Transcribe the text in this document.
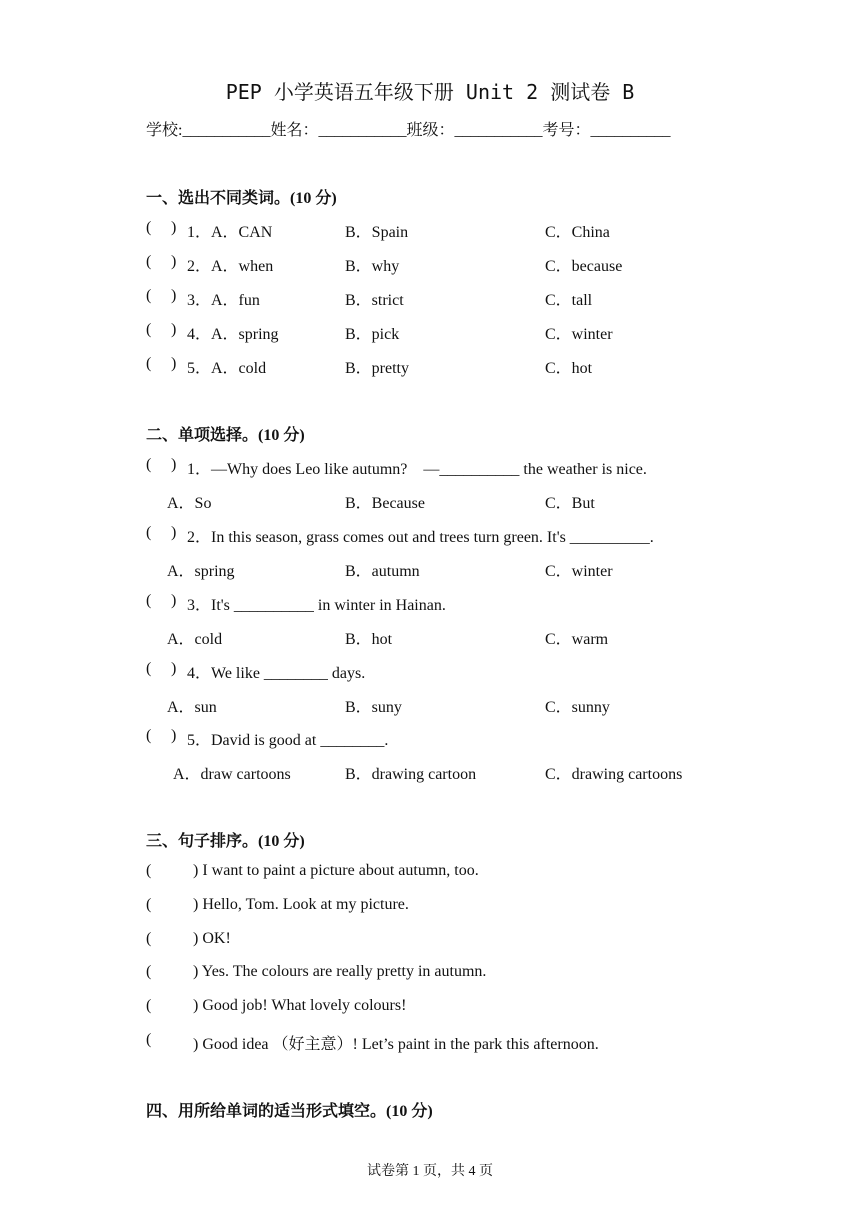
PEP 小学英语五年级下册 Unit 2 测试卷 B
学校:___________姓名：___________班级：___________考号：__________
一、选出不同类词。(10 分)
( ) 1．A．CAN	B．Spain	C．China
( ) 2．A．when	B．why	C．because
( ) 3．A．fun	B．strict	C．tall
( ) 4．A．spring	B．pick	C．winter
( ) 5．A．cold	B．pretty	C．hot
二、单项选择。(10 分)
( ) 1．—Why does Leo like autumn?    —__________ the weather is nice.
A．So	B．Because	C．But
( ) 2．In this season, grass comes out and trees turn green. It's __________.
A．spring	B．autumn	C．winter
( ) 3．It's __________ in winter in Hainan.
A．cold	B．hot	C．warm
( ) 4．We like ________ days.
A．sun	B．suny	C．sunny
( ) 5．David is good at ________.
A．draw cartoons	B．drawing cartoon	C．drawing cartoons
三、句子排序。(10 分)
(	) I want to paint a picture about autumn, too.
(	) Hello, Tom. Look at my picture.
(	) OK!
(	) Yes. The colours are really pretty in autumn.
(	) Good job! What lovely colours!
(	) Good idea （好主意）! Let’s paint in the park this afternoon.
四、用所给单词的适当形式填空。(10 分)
试卷第 1 页，共 4 页
